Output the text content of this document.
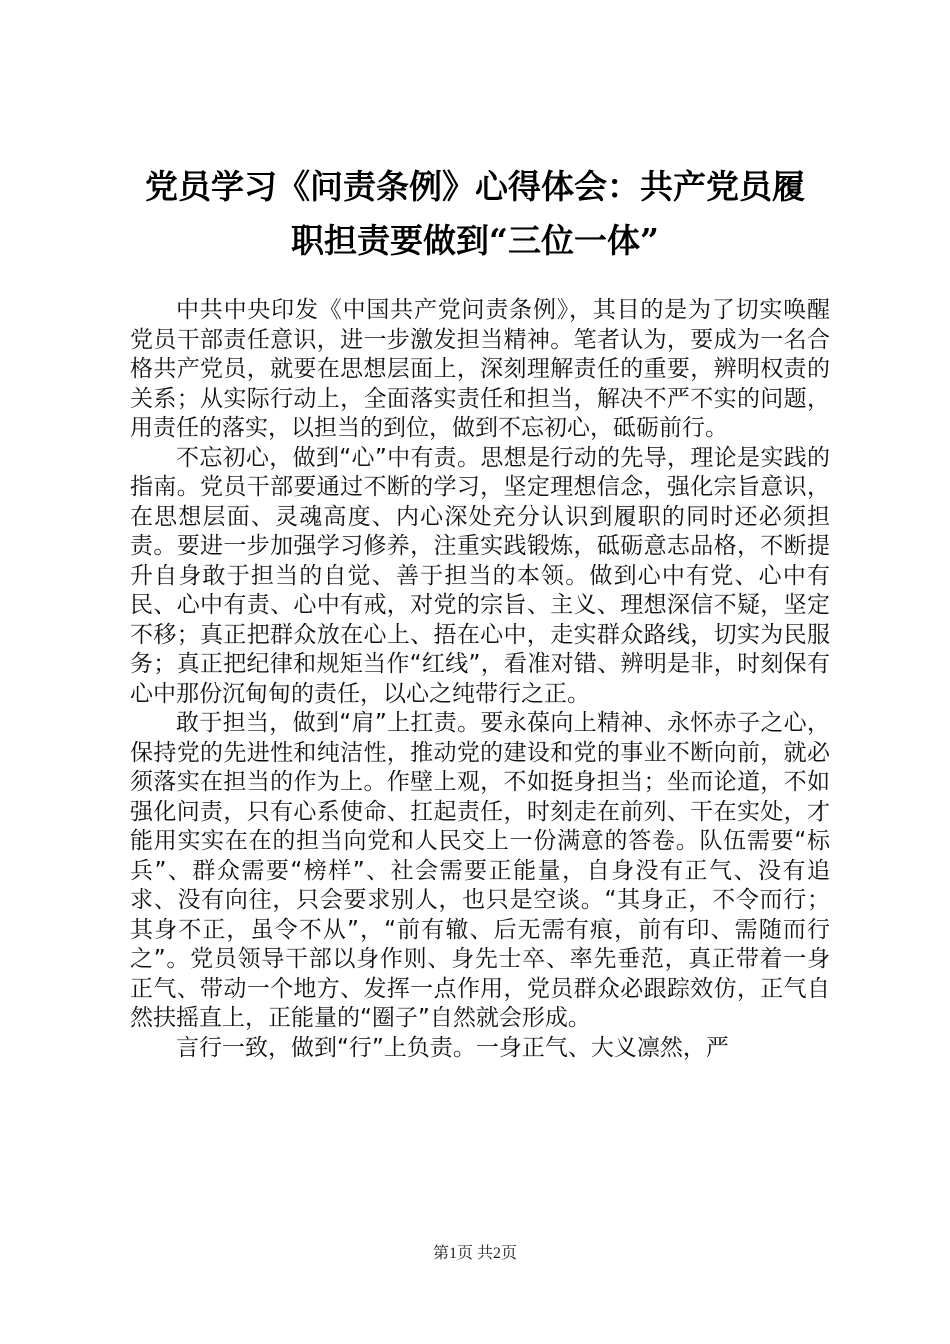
党员学习《问责条例》心得体会：共产党员履
职担责要做到“三位一体”

中共中央印发《中国共产党问责条例》，其目的是为了切实唤醒党员干部责任意识，进一步激发担当精神。笔者认为，要成为一名合格共产党员，就要在思想层面上，深刻理解责任的重要，辨明权责的关系；从实际行动上，全面落实责任和担当，解决不严不实的问题，用责任的落实，以担当的到位，做到不忘初心，砥砺前行。

不忘初心，做到“心”中有责。思想是行动的先导，理论是实践的指南。党员干部要通过不断的学习，坚定理想信念，强化宗旨意识，在思想层面、灵魂高度、内心深处充分认识到履职的同时还必须担责。要进一步加强学习修养，注重实践锻炼，砥砺意志品格，不断提升自身敢于担当的自觉、善于担当的本领。做到心中有党、心中有民、心中有责、心中有戒，对党的宗旨、主义、理想深信不疑，坚定不移；真正把群众放在心上、捂在心中，走实群众路线，切实为民服务；真正把纪律和规矩当作“红线”，看准对错、辨明是非，时刻保有心中那份沉甸甸的责任，以心之纯带行之正。

敢于担当，做到“肩”上扛责。要永葆向上精神、永怀赤子之心，保持党的先进性和纯洁性，推动党的建设和党的事业不断向前，就必须落实在担当的作为上。作壁上观，不如挺身担当；坐而论道，不如强化问责，只有心系使命、扛起责任，时刻走在前列、干在实处，才能用实实在在的担当向党和人民交上一份满意的答卷。队伍需要“标兵”、群众需要“榜样”、社会需要正能量，自身没有正气、没有追求、没有向往，只会要求别人，也只是空谈。“其身正，不令而行；其身不正，虽令不从”，“前有辙、后无需有痕，前有印、需随而行之”。党员领导干部以身作则、身先士卒、率先垂范，真正带着一身正气、带动一个地方、发挥一点作用，党员群众必跟踪效仿，正气自然扶摇直上，正能量的“圈子”自然就会形成。

言行一致，做到“行”上负责。一身正气、大义凛然，严

第1页 共2页
